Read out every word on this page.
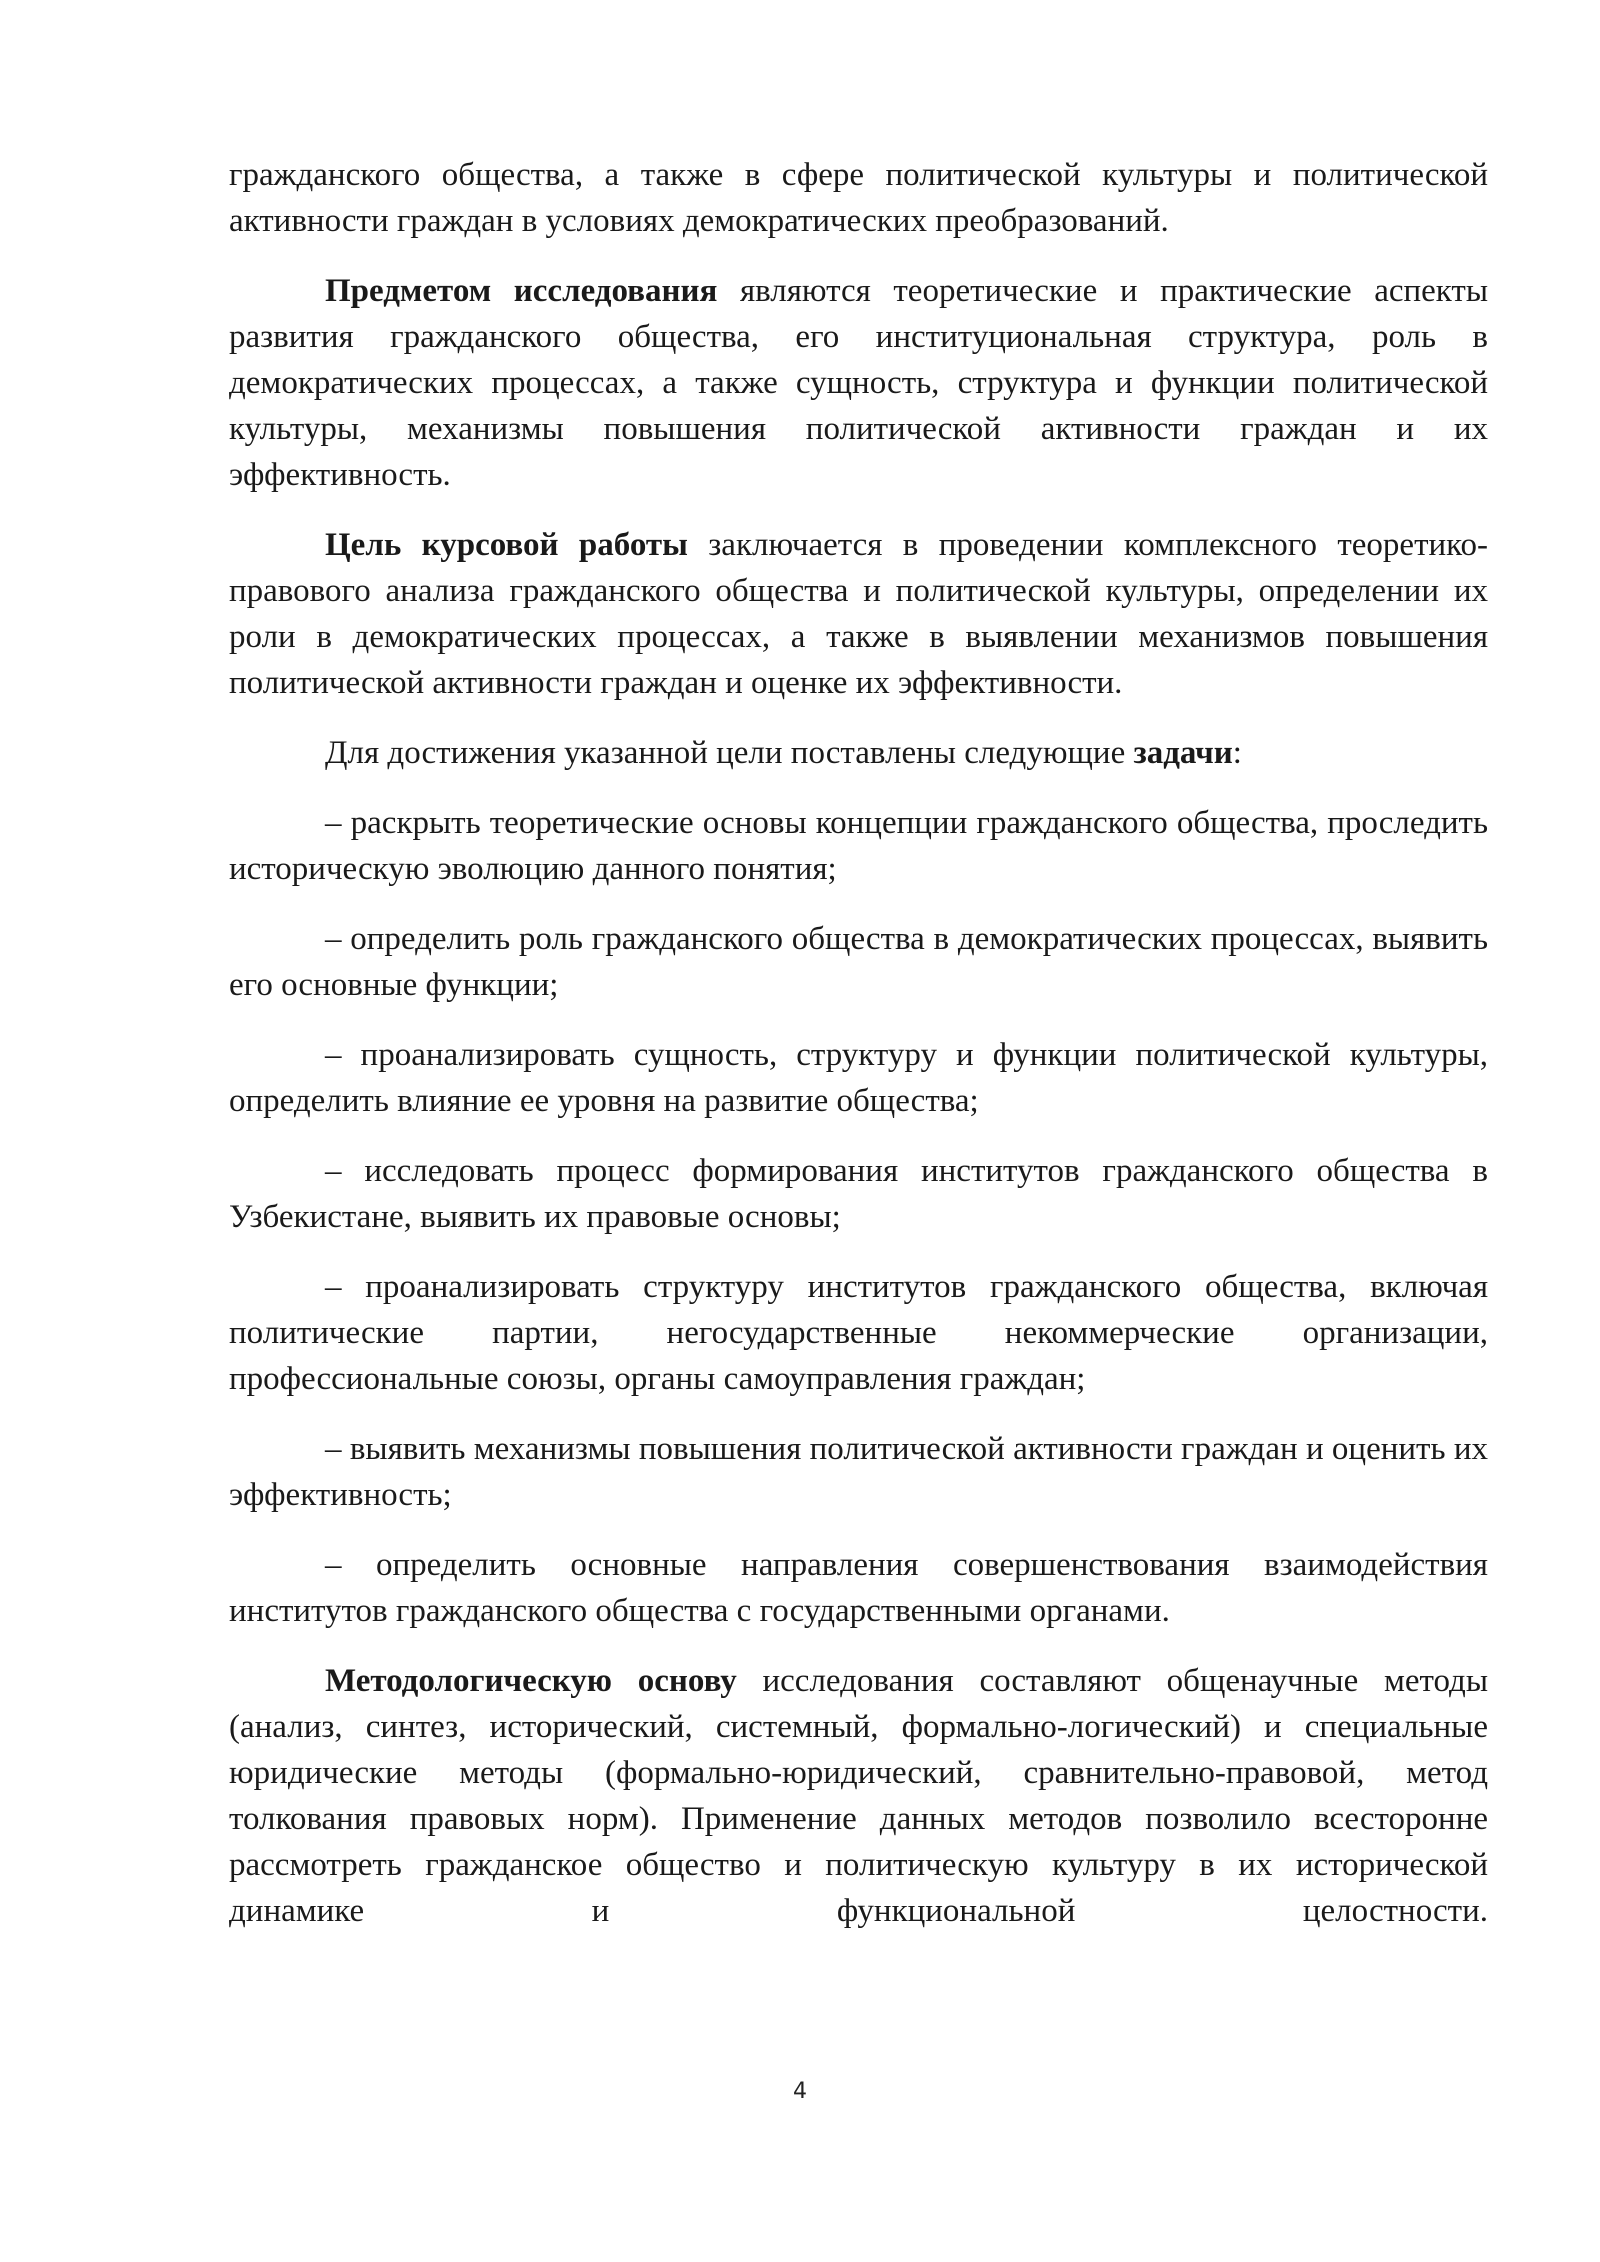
гражданского общества, а также в сфере политической культуры и политической активности граждан в условиях демократических преобразований.

Предметом исследования являются теоретические и практические аспекты развития гражданского общества, его институциональная структура, роль в демократических процессах, а также сущность, структура и функции политической культуры, механизмы повышения политической активности граждан и их эффективность.

Цель курсовой работы заключается в проведении комплексного теоретико-правового анализа гражданского общества и политической культуры, определении их роли в демократических процессах, а также в выявлении механизмов повышения политической активности граждан и оценке их эффективности.

Для достижения указанной цели поставлены следующие задачи:

– раскрыть теоретические основы концепции гражданского общества, проследить историческую эволюцию данного понятия;

– определить роль гражданского общества в демократических процессах, выявить его основные функции;

– проанализировать сущность, структуру и функции политической культуры, определить влияние ее уровня на развитие общества;

– исследовать процесс формирования институтов гражданского общества в Узбекистане, выявить их правовые основы;

– проанализировать структуру институтов гражданского общества, включая политические партии, негосударственные некоммерческие организации, профессиональные союзы, органы самоуправления граждан;

– выявить механизмы повышения политической активности граждан и оценить их эффективность;

– определить основные направления совершенствования взаимодействия институтов гражданского общества с государственными органами.

Методологическую основу исследования составляют общенаучные методы (анализ, синтез, исторический, системный, формально-логический) и специальные юридические методы (формально-юридический, сравнительно-правовой, метод толкования правовых норм). Применение данных методов позволило всесторонне рассмотреть гражданское общество и политическую культуру в их исторической динамике и функциональной целостности.

4
